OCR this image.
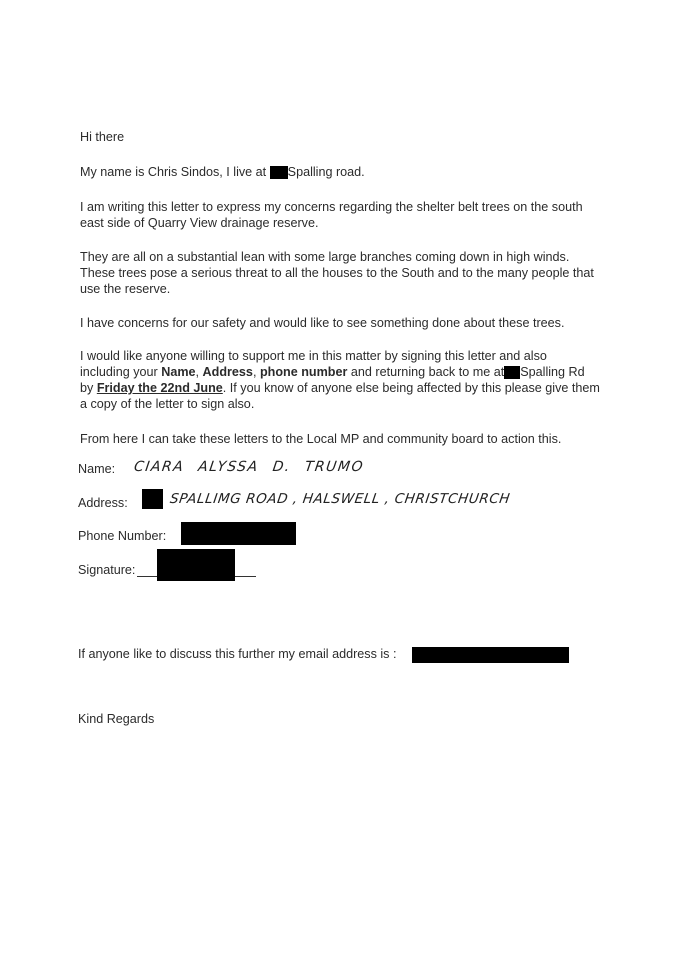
Hi there

My name is Chris Sindos, I live at Spalling road.

I am writing this letter to express my concerns regarding the shelter belt trees on the south east side of Quarry View drainage reserve.

They are all on a substantial lean with some large branches coming down in high winds. These trees pose a serious threat to all the houses to the South and to the many people that use the reserve.

I have concerns for our safety and would like to see something done about these trees.

I would like anyone willing to support me in this matter by signing this letter and also including your Name, Address, phone number and returning back to me at Spalling Rd by Friday the 22nd June. If you know of anyone else being affected by this please give them a copy of the letter to sign also.

From here I can take these letters to the Local MP and community board to action this.

Name: CIARA ALYSSA D. TRUMO
Address:	SPALLIMG ROAD , HALSWELL , CHRISTCHURCH
Phone Number:
Signature:
If anyone like to discuss this further my email address is :
Kind Regards
